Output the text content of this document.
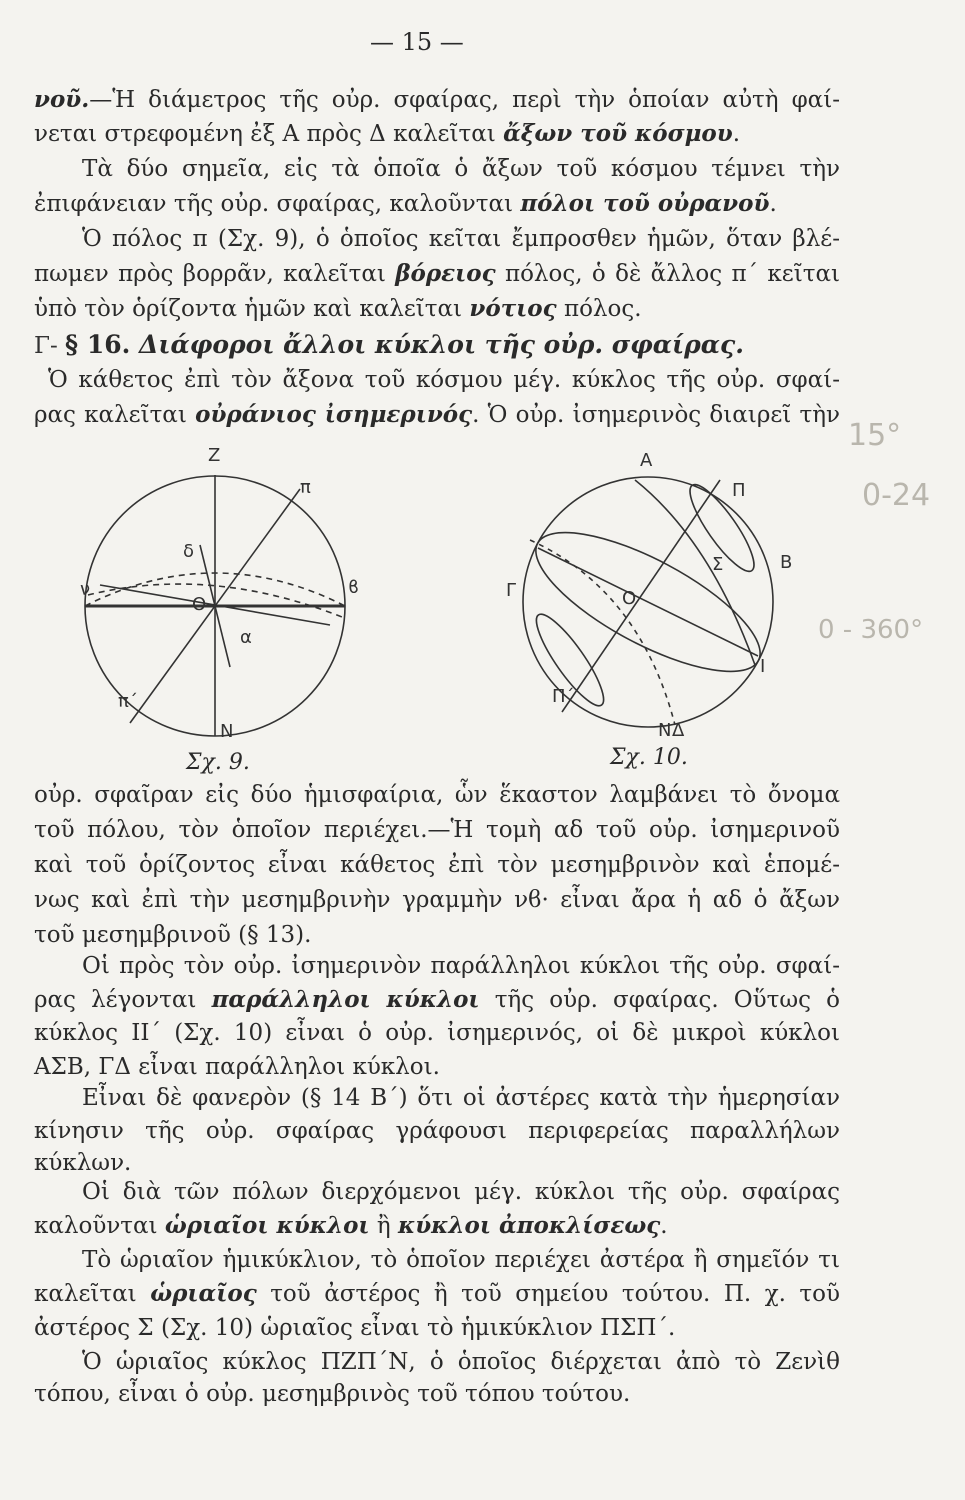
— 15 —
νοῦ.—Ἡ διάμετρος τῆς οὐρ. σφαίρας, περὶ τὴν ὁποίαν αὐτὴ φαί-
νεται στρεφομένη ἐξ Α πρὸς Δ καλεῖται ἄξων τοῦ κόσμου.
Τὰ δύο σημεῖα, εἰς τὰ ὁποῖα ὁ ἄξων τοῦ κόσμου τέμνει τὴν
ἐπιφάνειαν τῆς οὐρ. σφαίρας, καλοῦνται πόλοι τοῦ οὐρανοῦ.
Ὁ πόλος π (Σχ. 9), ὁ ὁποῖος κεῖται ἔμπροσθεν ἡμῶν, ὅταν βλέ-
πωμεν πρὸς βορρᾶν, καλεῖται βόρειος πόλος, ὁ δὲ ἄλλος π΄ κεῖται
ὑπὸ τὸν ὁρίζοντα ἡμῶν καὶ καλεῖται νότιος πόλος.
Γ- § 16. Διάφοροι ἄλλοι κύκλοι τῆς οὐρ. σφαίρας.
Ὁ κάθετος ἐπὶ τὸν ἄξονα τοῦ κόσμου μέγ. κύκλος τῆς οὐρ. σφαί-
ρας καλεῖται οὐράνιος ἰσημερινός. Ὁ οὐρ. ἰσημερινὸς διαιρεῖ τὴν
Z
π
δ
ν
O
ϐ
α
π΄
N
Σχ. 9.
A
Π
Σ	B
Γ	O
Ι
Π΄
N Δ
Σχ. 10.
15°
0-24
0 - 360°
οὐρ. σφαῖραν εἰς δύο ἡμισφαίρια, ὧν ἕκαστον λαμβάνει τὸ ὄνομα
τοῦ πόλου, τὸν ὁποῖον περιέχει.—Ἡ τομὴ αδ τοῦ οὐρ. ἰσημερινοῦ
καὶ τοῦ ὁρίζοντος εἶναι κάθετος ἐπὶ τὸν μεσημβρινὸν καὶ ἑπομέ-
νως καὶ ἐπὶ τὴν μεσημβρινὴν γραμμὴν νϐ· εἶναι ἄρα ἡ αδ ὁ ἄξων
τοῦ μεσημβρινοῦ (§ 13).
Οἱ πρὸς τὸν οὐρ. ἰσημερινὸν παράλληλοι κύκλοι τῆς οὐρ. σφαί-
ρας λέγονται παράλληλοι κύκλοι τῆς οὐρ. σφαίρας. Οὕτως ὁ
κύκλος ΙΙ΄ (Σχ. 10) εἶναι ὁ οὐρ. ἰσημερινός, οἱ δὲ μικροὶ κύκλοι
ΑΣΒ, ΓΔ εἶναι παράλληλοι κύκλοι.
Εἶναι δὲ φανερὸν (§ 14 Β΄) ὅτι οἱ ἀστέρες κατὰ τὴν ἡμερησίαν
κίνησιν τῆς οὐρ. σφαίρας γράφουσι περιφερείας παραλλήλων
κύκλων.
Οἱ διὰ τῶν πόλων διερχόμενοι μέγ. κύκλοι τῆς οὐρ. σφαίρας
καλοῦνται ὡριαῖοι κύκλοι ἢ κύκλοι ἀποκλίσεως.
Τὸ ὡριαῖον ἡμικύκλιον, τὸ ὁποῖον περιέχει ἀστέρα ἢ σημεῖόν τι
καλεῖται ὡριαῖος τοῦ ἀστέρος ἢ τοῦ σημείου τούτου. Π. χ. τοῦ
ἀστέρος Σ (Σχ. 10) ὡριαῖος εἶναι τὸ ἡμικύκλιον ΠΣΠ΄.
Ὁ ὡριαῖος κύκλος ΠΖΠ΄Ν, ὁ ὁποῖος διέρχεται ἀπὸ τὸ Ζενὶθ
τόπου, εἶναι ὁ οὐρ. μεσημβρινὸς τοῦ τόπου τούτου.
